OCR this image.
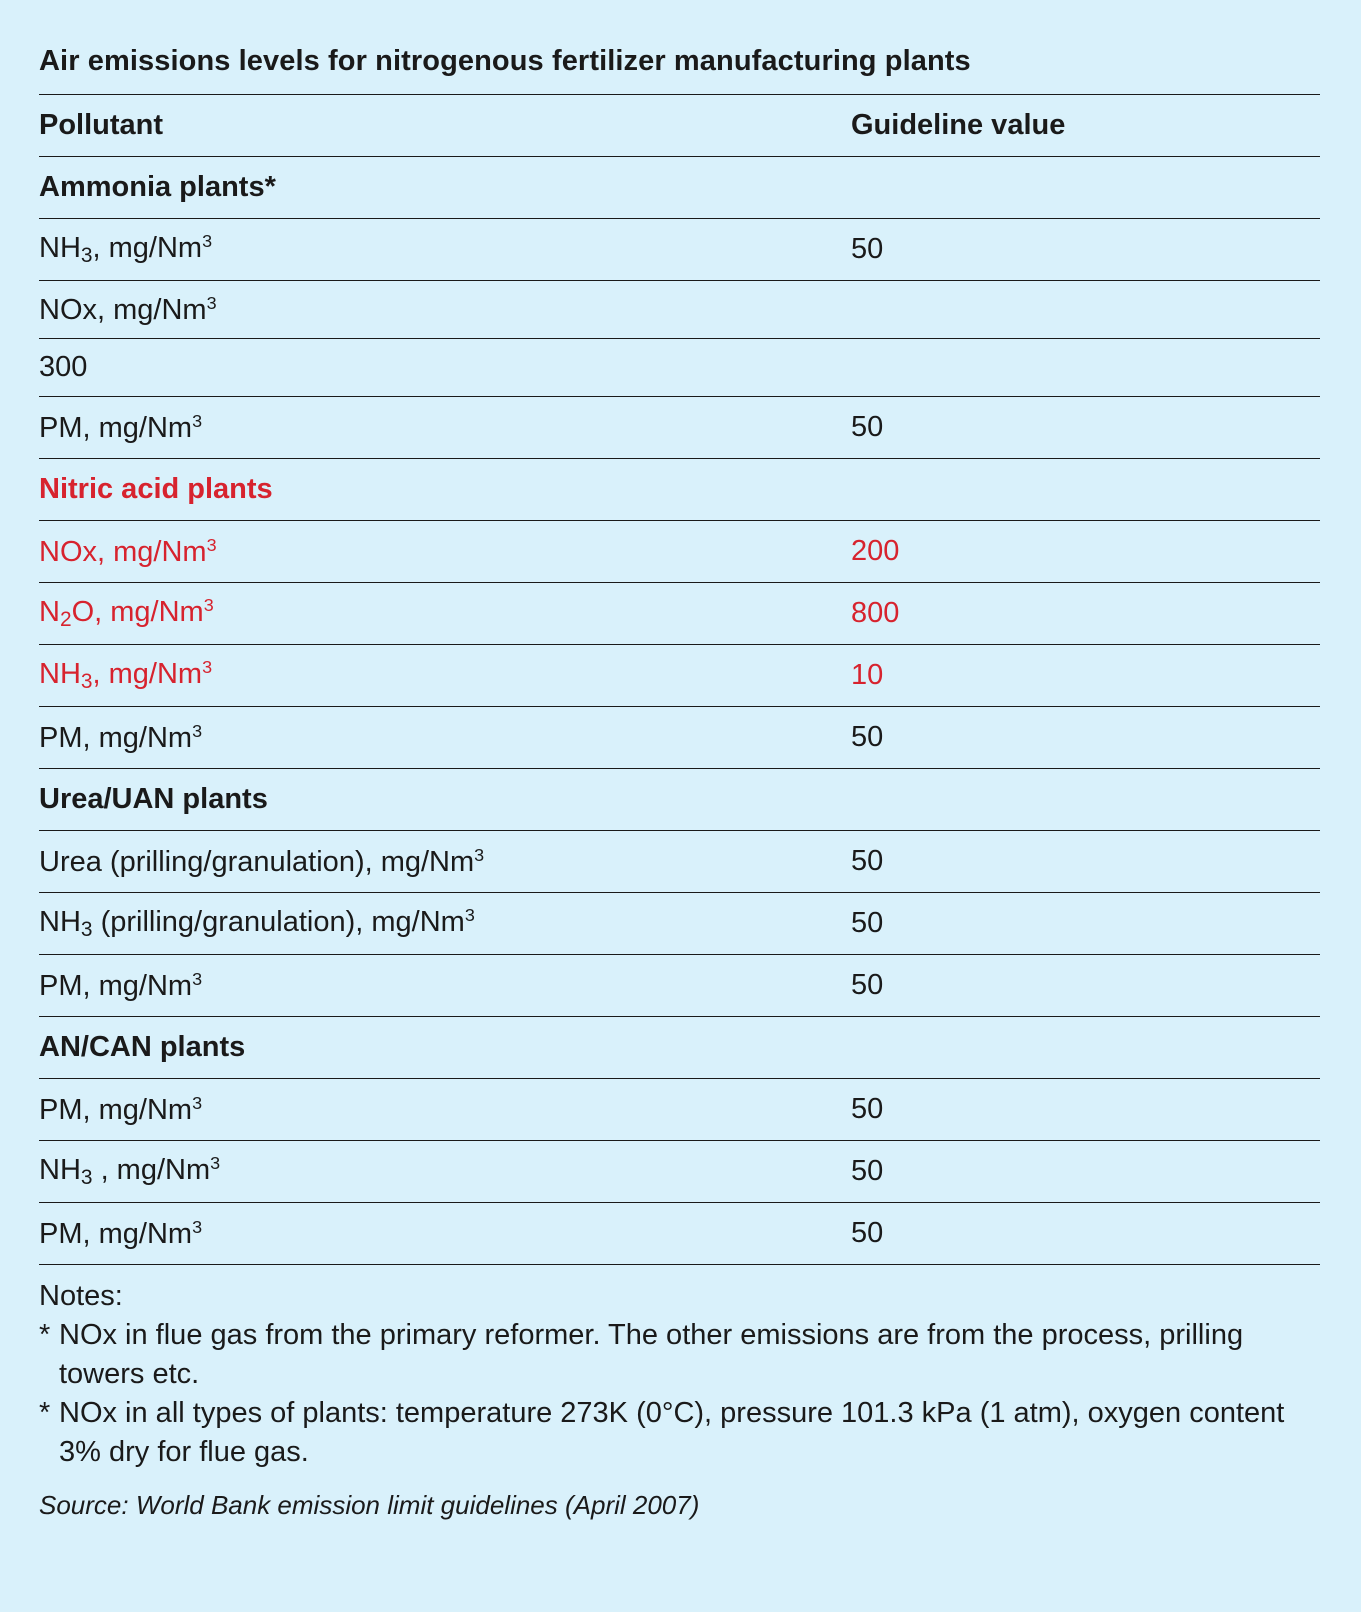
Air emissions levels for nitrogenous fertilizer manufacturing plants
Pollutant	Guideline value
Ammonia plants*	
$NH_3$, mg/Nm$^3$	50
NOx, mg/Nm$^3$	
300	
PM, mg/Nm$^3$	50
Nitric acid plants	
NOx, mg/Nm$^3$	200
$N_2O$, mg/Nm$^3$	800
$NH_3$, mg/Nm$^3$	10
PM, mg/Nm$^3$	50
Urea/UAN plants	
Urea (prilling/granulation), mg/Nm$^3$	50
$NH_3$ (prilling/granulation), mg/Nm$^3$	50
PM, mg/Nm$^3$	50
AN/CAN plants	
PM, mg/Nm$^3$	50
$NH_3$ , mg/Nm$^3$	50
PM, mg/Nm$^3$	50
Notes:
* NOx in flue gas from the primary reformer. The other emissions are from the process, prilling towers etc.
* NOx in all types of plants: temperature 273K (0°C), pressure 101.3 kPa (1 atm), oxygen content 3% dry for flue gas.
Source: World Bank emission limit guidelines (April 2007)
